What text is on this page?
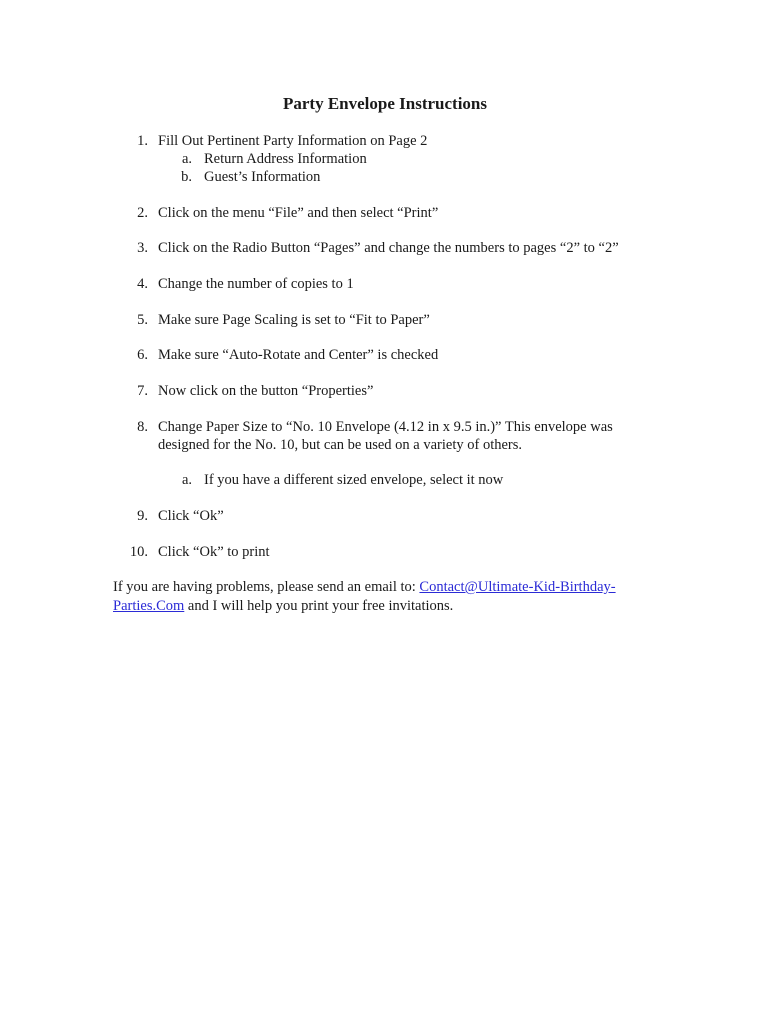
Party Envelope Instructions
1. Fill Out Pertinent Party Information on Page 2
a. Return Address Information
b. Guest’s Information
2. Click on the menu “File” and then select “Print”
3. Click on the Radio Button “Pages” and change the numbers to pages “2” to “2”
4. Change the number of copies to 1
5. Make sure Page Scaling is set to “Fit to Paper”
6. Make sure “Auto-Rotate and Center” is checked
7. Now click on the button “Properties”
8. Change Paper Size to “No. 10 Envelope (4.12 in x 9.5 in.)” This envelope was
designed for the No. 10, but can be used on a variety of others.
a. If you have a different sized envelope, select it now
9. Click “Ok”
10. Click “Ok” to print

If you are having problems, please send an email to: Contact@Ultimate-Kid-Birthday-
Parties.Com and I will help you print your free invitations.
